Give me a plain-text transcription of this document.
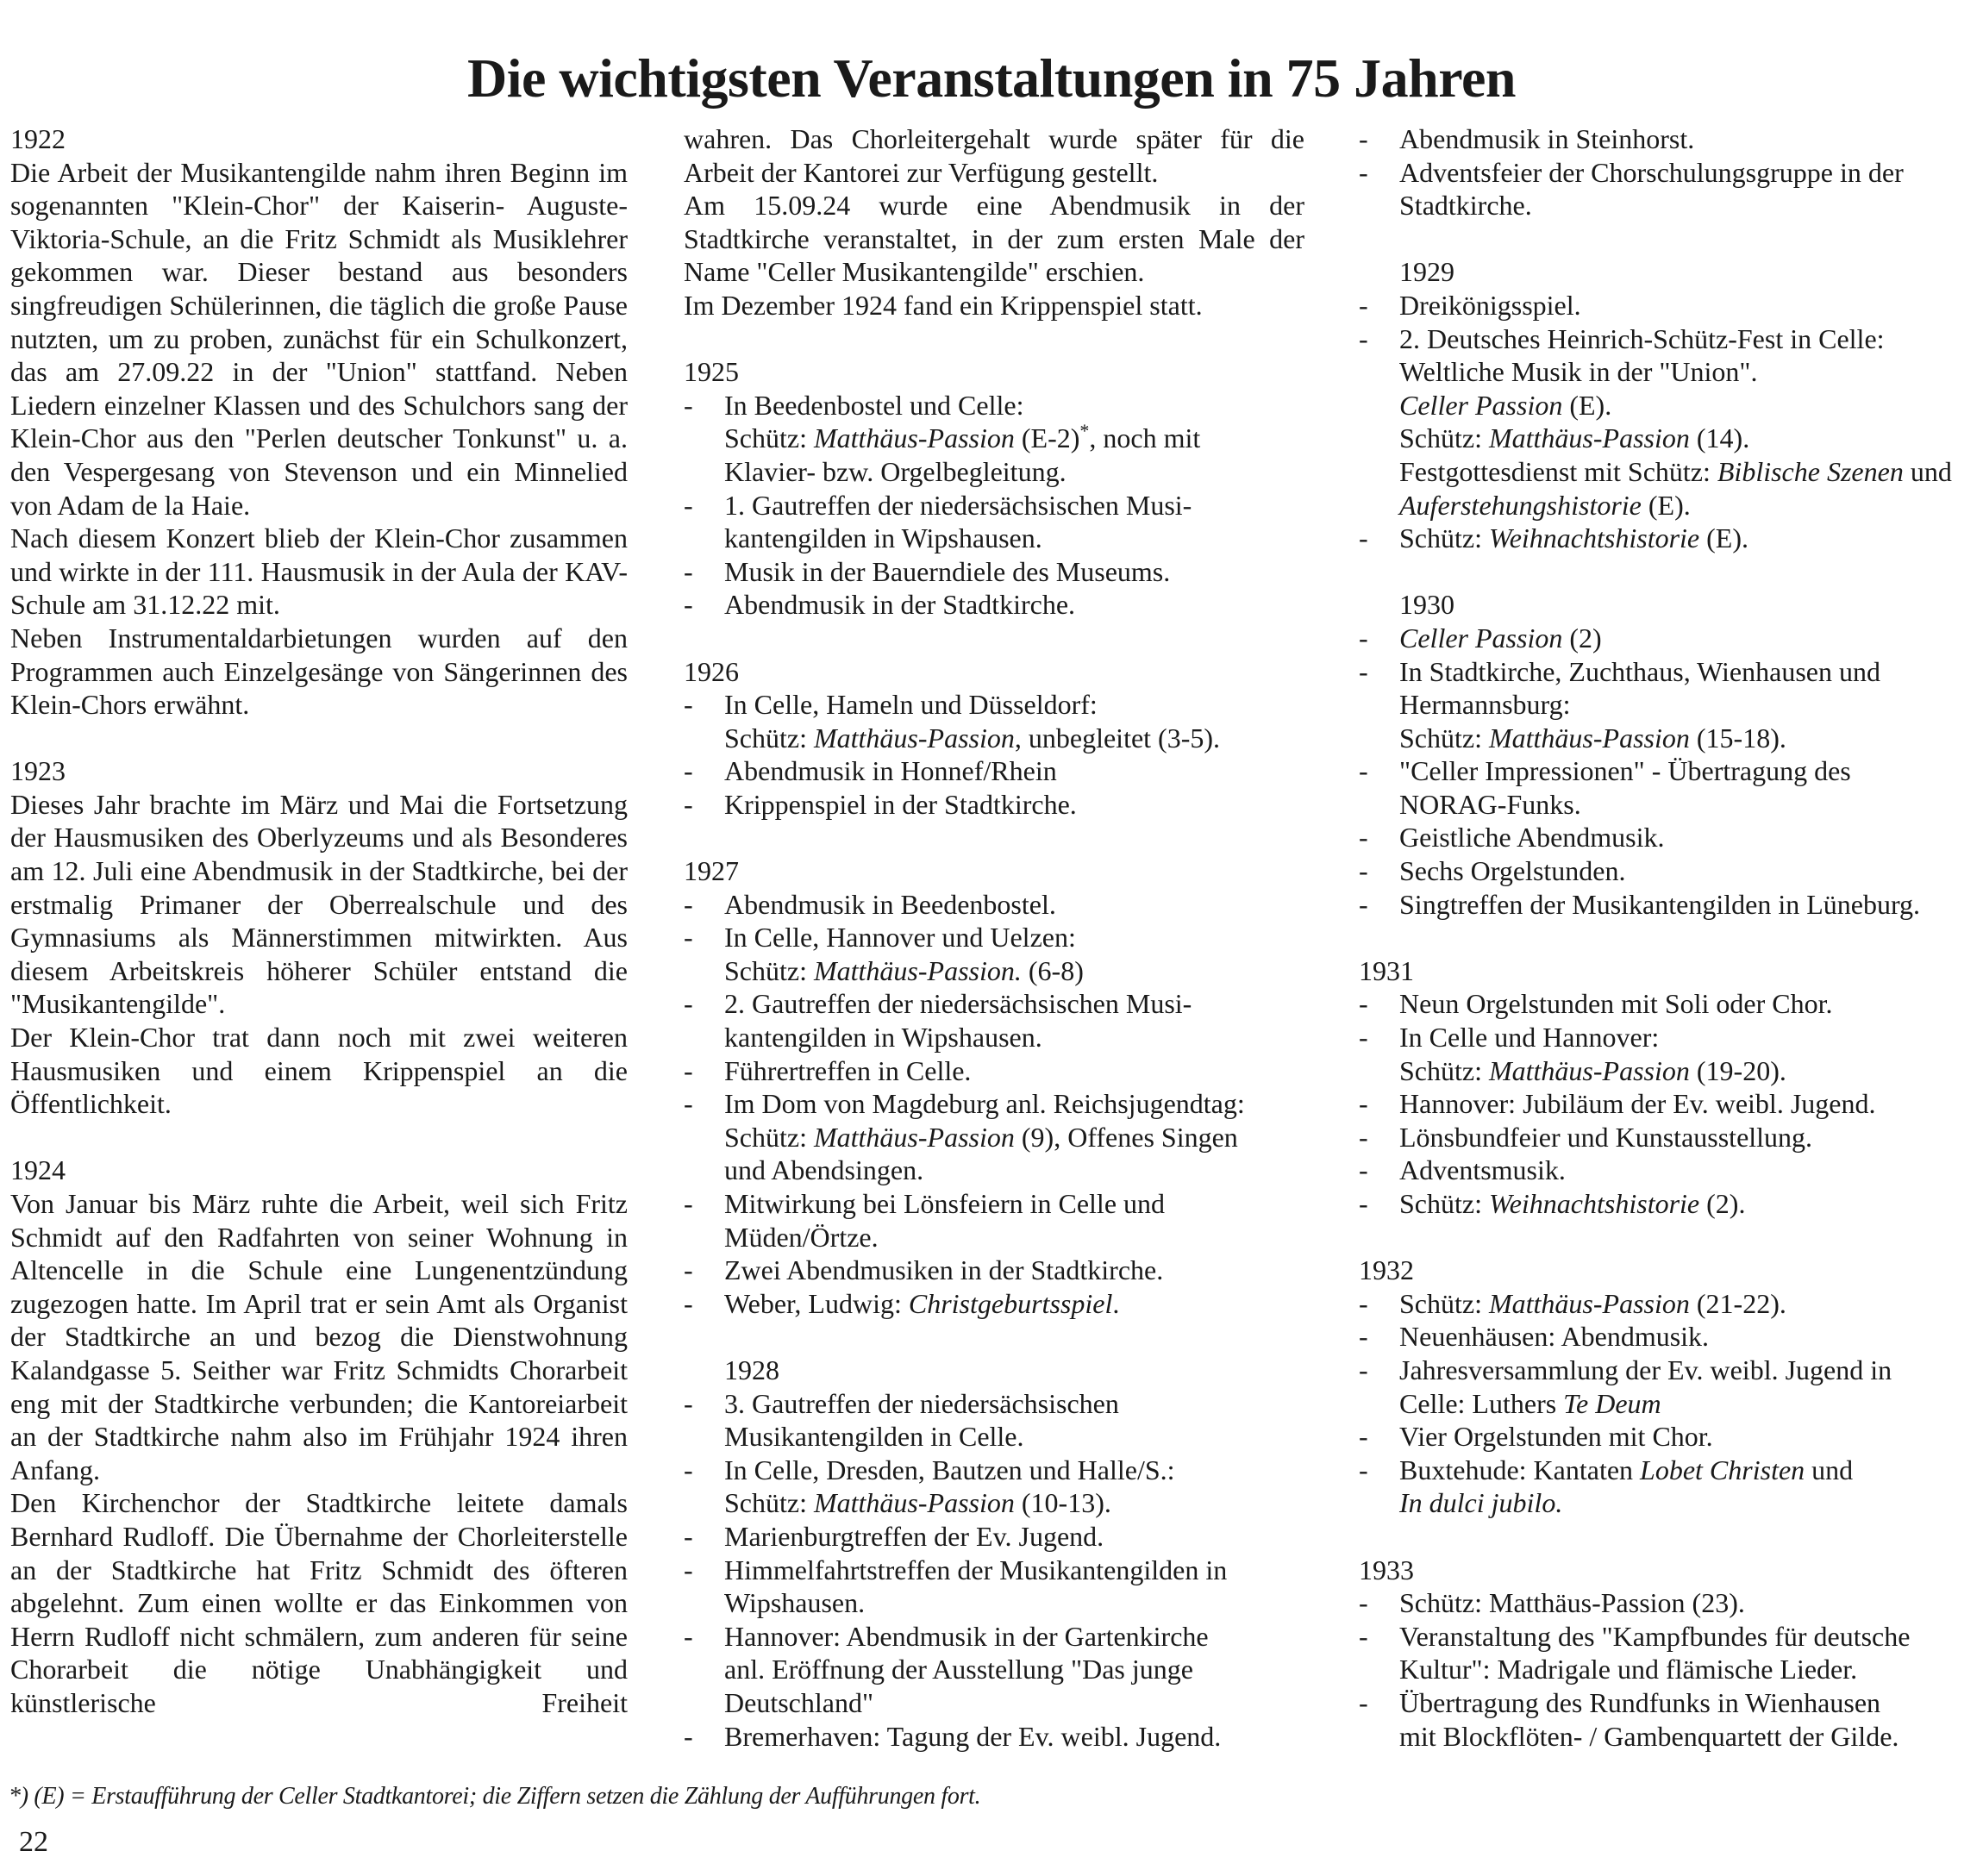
Die wichtigsten Veranstaltungen in 75 Jahren

1922

Die Arbeit der Musikantengilde nahm ihren Beginn im sogenannten "Klein-Chor" der Kaiserin- Auguste-Viktoria-Schule, an die Fritz Schmidt als Musiklehrer gekommen war. Dieser bestand aus besonders singfreudigen Schülerinnen, die täglich die große Pause nutzten, um zu proben, zunächst für ein Schulkonzert, das am 27.09.22 in der "Union" stattfand. Neben Liedern einzelner Klassen und des Schulchors sang der Klein-Chor aus den "Perlen deutscher Tonkunst" u. a. den Vespergesang von Stevenson und ein Minnelied von Adam de la Haie.

Nach diesem Konzert blieb der Klein-Chor zusammen und wirkte in der 111. Hausmusik in der Aula der KAV-Schule am 31.12.22 mit.

Neben Instrumentaldarbietungen wurden auf den Programmen auch Einzelgesänge von Sängerinnen des Klein-Chors erwähnt.

1923

Dieses Jahr brachte im März und Mai die Fortsetzung der Hausmusiken des Oberlyzeums und als Besonderes am 12. Juli eine Abendmusik in der Stadtkirche, bei der erstmalig Primaner der Oberrealschule und des Gymnasiums als Männerstimmen mitwirkten. Aus diesem Arbeitskreis höherer Schüler entstand die "Musikantengilde".

Der Klein-Chor trat dann noch mit zwei weiteren Hausmusiken und einem Krippenspiel an die Öffentlichkeit.

1924

Von Januar bis März ruhte die Arbeit, weil sich Fritz Schmidt auf den Radfahrten von seiner Wohnung in Altencelle in die Schule eine Lungenentzündung zugezogen hatte. Im April trat er sein Amt als Organist der Stadtkirche an und bezog die Dienstwohnung Kalandgasse 5. Seither war Fritz Schmidts Chorarbeit eng mit der Stadtkirche verbunden; die Kantoreiarbeit an der Stadtkirche nahm also im Frühjahr 1924 ihren Anfang.

Den Kirchenchor der Stadtkirche leitete damals Bernhard Rudloff. Die Übernahme der Chorleiterstelle an der Stadtkirche hat Fritz Schmidt des öfteren abgelehnt. Zum einen wollte er das Einkommen von Herrn Rudloff nicht schmälern, zum anderen für seine Chorarbeit die nötige Unabhängigkeit und künstlerische Freiheit

wahren. Das Chorleitergehalt wurde später für die Arbeit der Kantorei zur Verfügung gestellt.

Am 15.09.24 wurde eine Abendmusik in der Stadtkirche veranstaltet, in der zum ersten Male der Name "Celler Musikantengilde" erschien.

Im Dezember 1924 fand ein Krippenspiel statt.

1925

- In Beedenbostel und Celle:
Schütz: Matthäus-Passion (E-2)*, noch mit
Klavier- bzw. Orgelbegleitung.
- 1. Gautreffen der niedersächsischen Musi-
kantengilden in Wipshausen.
- Musik in der Bauerndiele des Museums.
- Abendmusik in der Stadtkirche.

1926

- In Celle, Hameln und Düsseldorf:
Schütz: Matthäus-Passion, unbegleitet (3-5).
- Abendmusik in Honnef/Rhein
- Krippenspiel in der Stadtkirche.

1927

- Abendmusik in Beedenbostel.
- In Celle, Hannover und Uelzen:
Schütz: Matthäus-Passion. (6-8)
- 2. Gautreffen der niedersächsischen Musi-
kantengilden in Wipshausen.
- Führertreffen in Celle.
- Im Dom von Magdeburg anl. Reichsjugendtag:
Schütz: Matthäus-Passion (9), Offenes Singen
und Abendsingen.
- Mitwirkung bei Lönsfeiern in Celle und
Müden/Örtze.
- Zwei Abendmusiken in der Stadtkirche.
- Weber, Ludwig: Christgeburtsspiel.

1928

- 3. Gautreffen der niedersächsischen
Musikantengilden in Celle.
- In Celle, Dresden, Bautzen und Halle/S.:
Schütz: Matthäus-Passion (10-13).
- Marienburgtreffen der Ev. Jugend.
- Himmelfahrtstreffen der Musikantengilden in
Wipshausen.
- Hannover: Abendmusik in der Gartenkirche
anl. Eröffnung der Ausstellung "Das junge
Deutschland"
- Bremerhaven: Tagung der Ev. weibl. Jugend.
- Abendmusik in Steinhorst.
- Adventsfeier der Chorschulungsgruppe in der
Stadtkirche.

1929

- Dreikönigsspiel.
- 2. Deutsches Heinrich-Schütz-Fest in Celle:
Weltliche Musik in der "Union".
Celler Passion (E).
Schütz: Matthäus-Passion (14).
Festgottesdienst mit Schütz: Biblische Szenen und
Auferstehungshistorie (E).
- Schütz: Weihnachtshistorie (E).

1930

- Celler Passion (2)
- In Stadtkirche, Zuchthaus, Wienhausen und
Hermannsburg:
Schütz: Matthäus-Passion (15-18).
- "Celler Impressionen" - Übertragung des
NORAG-Funks.
- Geistliche Abendmusik.
- Sechs Orgelstunden.
- Singtreffen der Musikantengilden in Lüneburg.

1931

- Neun Orgelstunden mit Soli oder Chor.
- In Celle und Hannover:
Schütz: Matthäus-Passion (19-20).
- Hannover: Jubiläum der Ev. weibl. Jugend.
- Lönsbundfeier und Kunstausstellung.
- Adventsmusik.
- Schütz: Weihnachtshistorie (2).

1932

- Schütz: Matthäus-Passion (21-22).
- Neuenhäusen: Abendmusik.
- Jahresversammlung der Ev. weibl. Jugend in
Celle: Luthers Te Deum
- Vier Orgelstunden mit Chor.
- Buxtehude: Kantaten Lobet Christen und
In dulci jubilo.

1933

- Schütz: Matthäus-Passion (23).
- Veranstaltung des "Kampfbundes für deutsche
Kultur": Madrigale und flämische Lieder.
- Übertragung des Rundfunks in Wienhausen
mit Blockflöten- / Gambenquartett der Gilde.
*) (E) = Erstaufführung der Celler Stadtkantorei; die Ziffern setzen die Zählung der Aufführungen fort.
22
